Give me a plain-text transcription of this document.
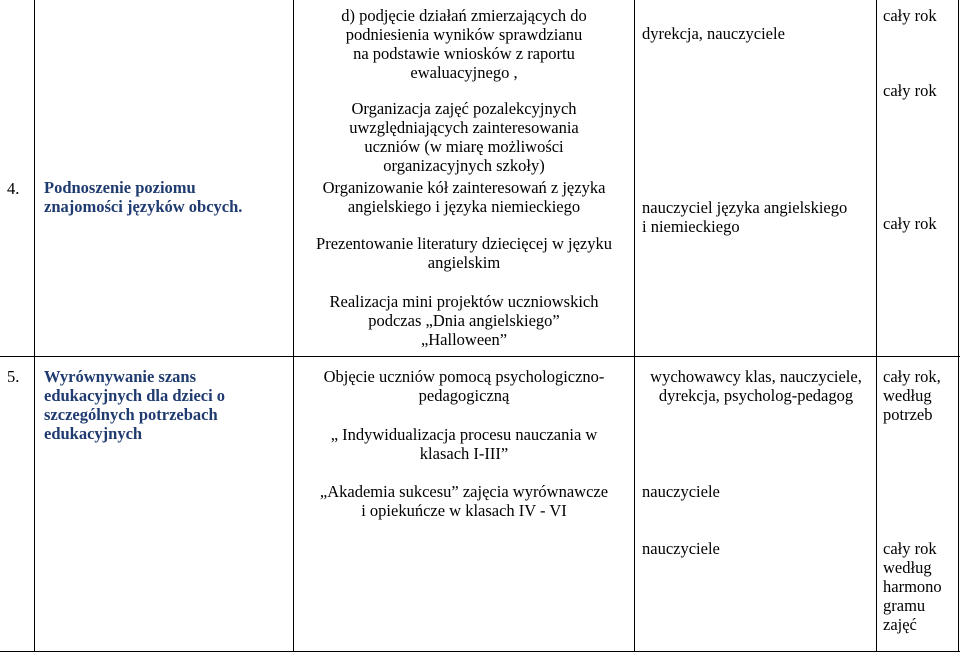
4. Podnoszenie poziomu
znajomości języków obcych.
d) podjęcie działań zmierzających do
podniesienia wyników sprawdzianu
na podstawie wniosków z raportu
ewaluacyjnego ,
Organizacja zajęć pozalekcyjnych
uwzględniających zainteresowania
uczniów (w miarę możliwości
organizacyjnych szkoły)
Organizowanie kół zainteresowań z języka
angielskiego i języka niemieckiego
Prezentowanie literatury dziecięcej w języku
angielskim
Realizacja mini projektów uczniowskich
podczas „Dnia angielskiego”
„Halloween”
dyrekcja, nauczyciele
nauczyciel języka angielskiego
i niemieckiego
cały rok
cały rok
cały rok
5. Wyrównywanie szans
edukacyjnych dla dzieci o
szczególnych potrzebach
edukacyjnych
Objęcie uczniów pomocą psychologiczno-
pedagogiczną
„ Indywidualizacja procesu nauczania w
klasach I-III”
„Akademia sukcesu” zajęcia wyrównawcze
i opiekuńcze w klasach IV - VI
wychowawcy klas, nauczyciele,
dyrekcja, psycholog-pedagog
nauczyciele
nauczyciele
cały rok,
według
potrzeb
cały rok
według
harmono
gramu
zajęć
